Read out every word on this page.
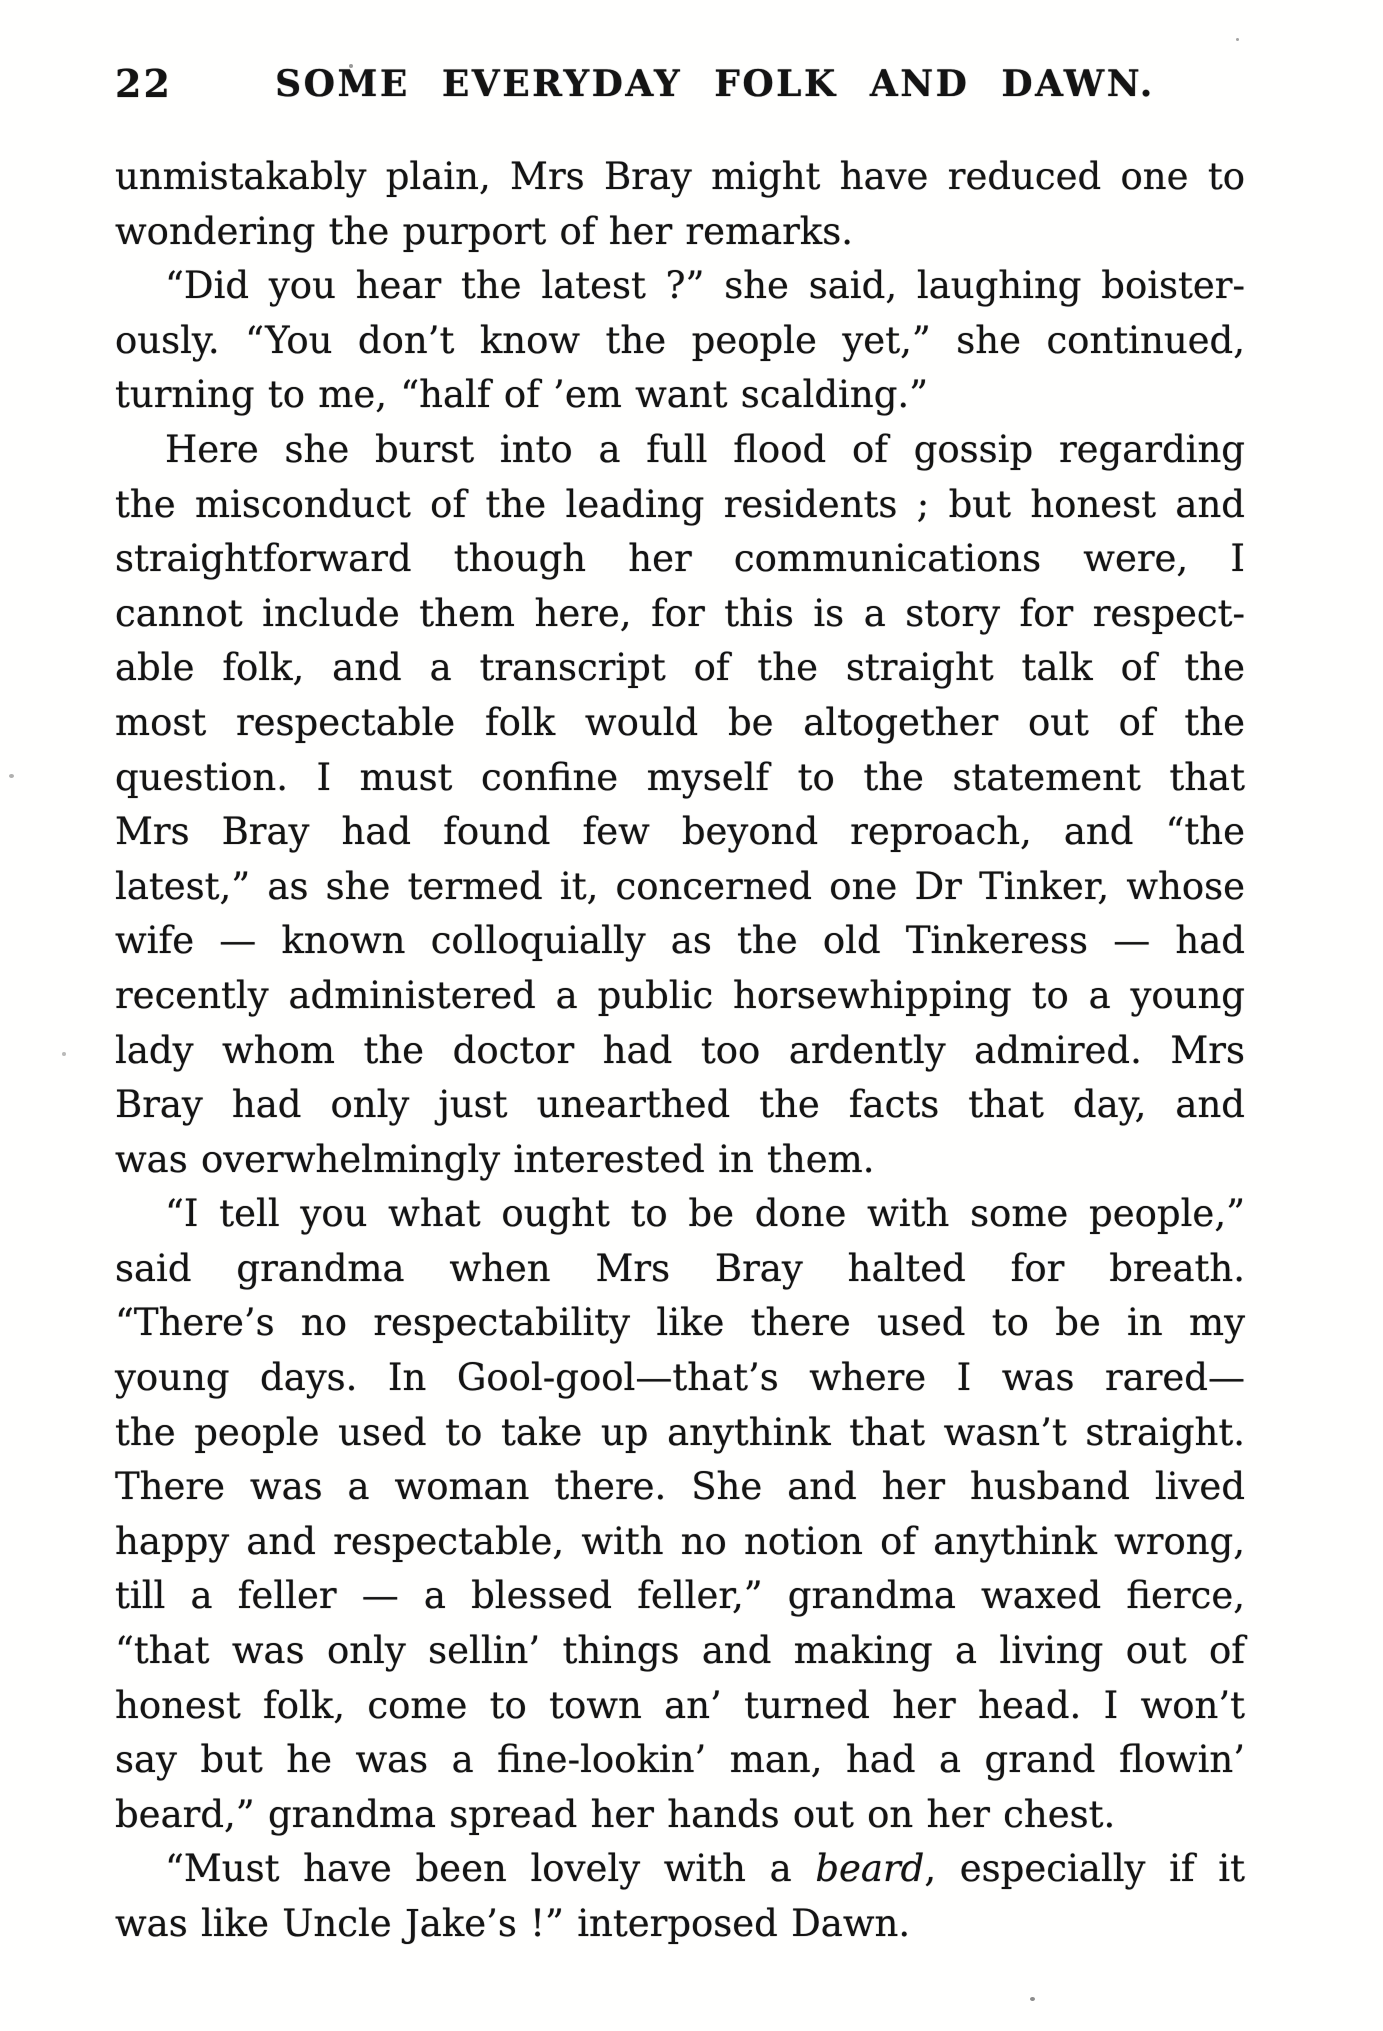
22	SOME EVERYDAY FOLK AND DAWN.
unmistakably plain, Mrs Bray might have reduced one to
wondering the purport of her remarks.
“Did you hear the latest ?” she said, laughing boister-
ously. “You don’t know the people yet,” she continued,
turning to me, “half of ’em want scalding.”
Here she burst into a full flood of gossip regarding
the misconduct of the leading residents ; but honest and
straightforward though her communications were, I
cannot include them here, for this is a story for respect-
able folk, and a transcript of the straight talk of the
most respectable folk would be altogether out of the
question. I must confine myself to the statement that
Mrs Bray had found few beyond reproach, and “the
latest,” as she termed it, concerned one Dr Tinker, whose
wife — known colloquially as the old Tinkeress — had
recently administered a public horsewhipping to a young
lady whom the doctor had too ardently admired. Mrs
Bray had only just unearthed the facts that day, and
was overwhelmingly interested in them.
“I tell you what ought to be done with some people,”
said grandma when Mrs Bray halted for breath.
“There’s no respectability like there used to be in my
young days. In Gool-gool—that’s where I was rared—
the people used to take up anythink that wasn’t straight.
There was a woman there. She and her husband lived
happy and respectable, with no notion of anythink wrong,
till a feller — a blessed feller,” grandma waxed fierce,
“that was only sellin’ things and making a living out of
honest folk, come to town an’ turned her head. I won’t
say but he was a fine-lookin’ man, had a grand flowin’
beard,” grandma spread her hands out on her chest.
“Must have been lovely with a beard, especially if it
was like Uncle Jake’s !” interposed Dawn.
